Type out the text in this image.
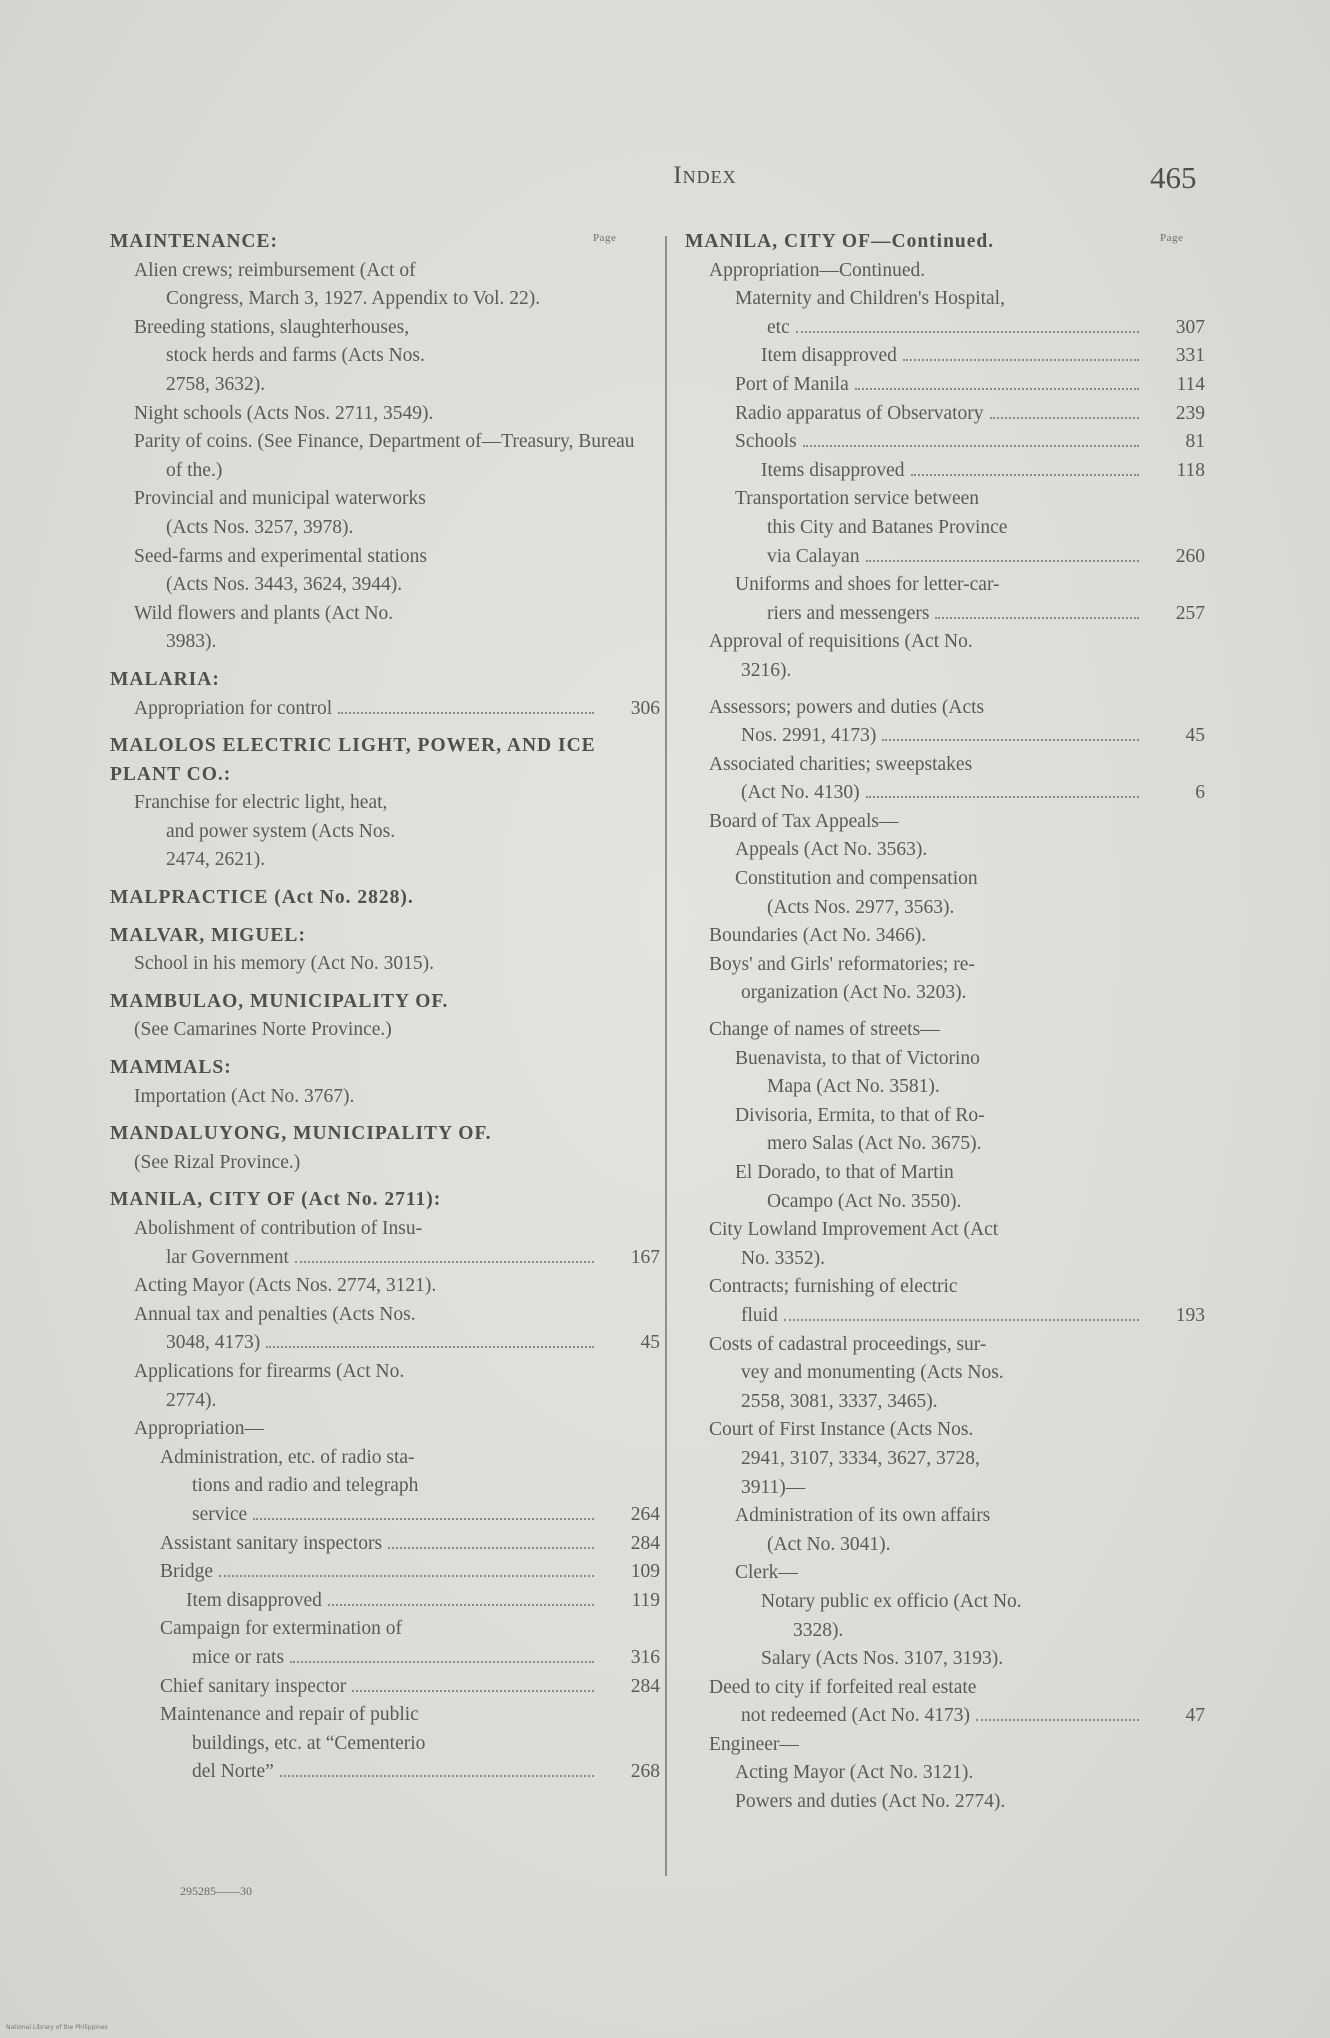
Index	465
Page	Page
MAINTENANCE:
Alien crews; reimbursement (Act of
Congress, March 3, 1927. Appendix to Vol. 22).
Breeding stations, slaughterhouses,
stock herds and farms (Acts Nos.
2758, 3632).
Night schools (Acts Nos. 2711, 3549).
Parity of coins. (See Finance, Department of—Treasury, Bureau
of the.)
Provincial and municipal waterworks
(Acts Nos. 3257, 3978).
Seed-farms and experimental stations
(Acts Nos. 3443, 3624, 3944).
Wild flowers and plants (Act No.
3983).
MALARIA:
Appropriation for control	306
MALOLOS ELECTRIC LIGHT, POWER, AND ICE PLANT CO.:
Franchise for electric light, heat,
and power system (Acts Nos.
2474, 2621).
MALPRACTICE (Act No. 2828).
MALVAR, MIGUEL:
School in his memory (Act No. 3015).
MAMBULAO, MUNICIPALITY OF.
(See Camarines Norte Province.)
MAMMALS:
Importation (Act No. 3767).
MANDALUYONG, MUNICIPALITY OF.
(See Rizal Province.)
MANILA, CITY OF (Act No. 2711):
Abolishment of contribution of Insu-
lar Government	167
Acting Mayor (Acts Nos. 2774, 3121).
Annual tax and penalties (Acts Nos.
3048, 4173)	45
Applications for firearms (Act No.
2774).
Appropriation—
Administration, etc. of radio sta-
tions and radio and telegraph
service	264
Assistant sanitary inspectors	284
Bridge	109
Item disapproved	119
Campaign for extermination of
mice or rats	316
Chief sanitary inspector	284
Maintenance and repair of public
buildings, etc. at “Cementerio
del Norte”	268
MANILA, CITY OF—Continued.
Appropriation—Continued.
Maternity and Children's Hospital,
etc	307
Item disapproved	331
Port of Manila	114
Radio apparatus of Observatory	239
Schools	81
Items disapproved	118
Transportation service between
this City and Batanes Province
via Calayan	260
Uniforms and shoes for letter-car-
riers and messengers	257
Approval of requisitions (Act No.
3216).
Assessors; powers and duties (Acts
Nos. 2991, 4173)	45
Associated charities; sweepstakes
(Act No. 4130)	6
Board of Tax Appeals—
Appeals (Act No. 3563).
Constitution and compensation
(Acts Nos. 2977, 3563).
Boundaries (Act No. 3466).
Boys' and Girls' reformatories; re-
organization (Act No. 3203).
Change of names of streets—
Buenavista, to that of Victorino
Mapa (Act No. 3581).
Divisoria, Ermita, to that of Ro-
mero Salas (Act No. 3675).
El Dorado, to that of Martin
Ocampo (Act No. 3550).
City Lowland Improvement Act (Act
No. 3352).
Contracts; furnishing of electric
fluid	193
Costs of cadastral proceedings, sur-
vey and monumenting (Acts Nos.
2558, 3081, 3337, 3465).
Court of First Instance (Acts Nos.
2941, 3107, 3334, 3627, 3728,
3911)—
Administration of its own affairs
(Act No. 3041).
Clerk—
Notary public ex officio (Act No.
3328).
Salary (Acts Nos. 3107, 3193).
Deed to city if forfeited real estate
not redeemed (Act No. 4173)	47
Engineer—
Acting Mayor (Act No. 3121).
Powers and duties (Act No. 2774).
295285——30
National Library of the Philippines
